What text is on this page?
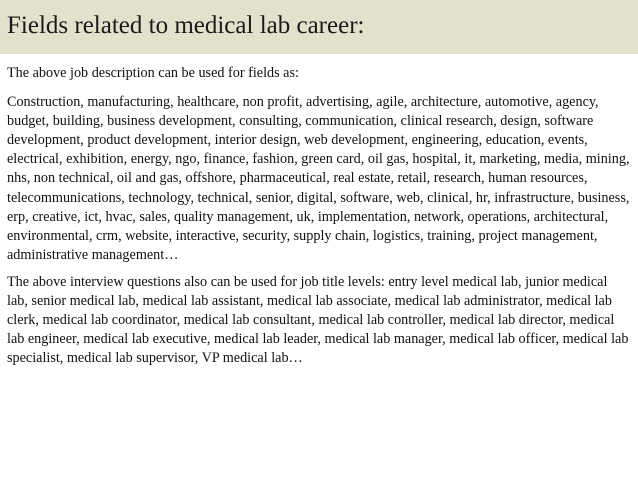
Fields related to medical lab career:

The above job description can be used for fields as:

Construction, manufacturing, healthcare, non profit, advertising, agile, architecture, automotive, agency, budget, building, business development, consulting, communication, clinical research, design, software development, product development, interior design, web development, engineering, education, events, electrical, exhibition, energy, ngo, finance, fashion, green card, oil gas, hospital, it, marketing, media, mining, nhs, non technical, oil and gas, offshore, pharmaceutical, real estate, retail, research, human resources, telecommunications, technology, technical, senior, digital, software, web, clinical, hr, infrastructure, business, erp, creative, ict, hvac, sales, quality management, uk, implementation, network, operations, architectural, environmental, crm, website, interactive, security, supply chain, logistics, training, project management, administrative management…

The above interview questions also can be used for job title levels: entry level medical lab, junior medical lab, senior medical lab, medical lab assistant, medical lab associate, medical lab administrator, medical lab clerk, medical lab coordinator, medical lab consultant, medical lab controller, medical lab director, medical lab engineer, medical lab executive, medical lab leader, medical lab manager, medical lab officer, medical lab specialist, medical lab supervisor, VP medical lab…
